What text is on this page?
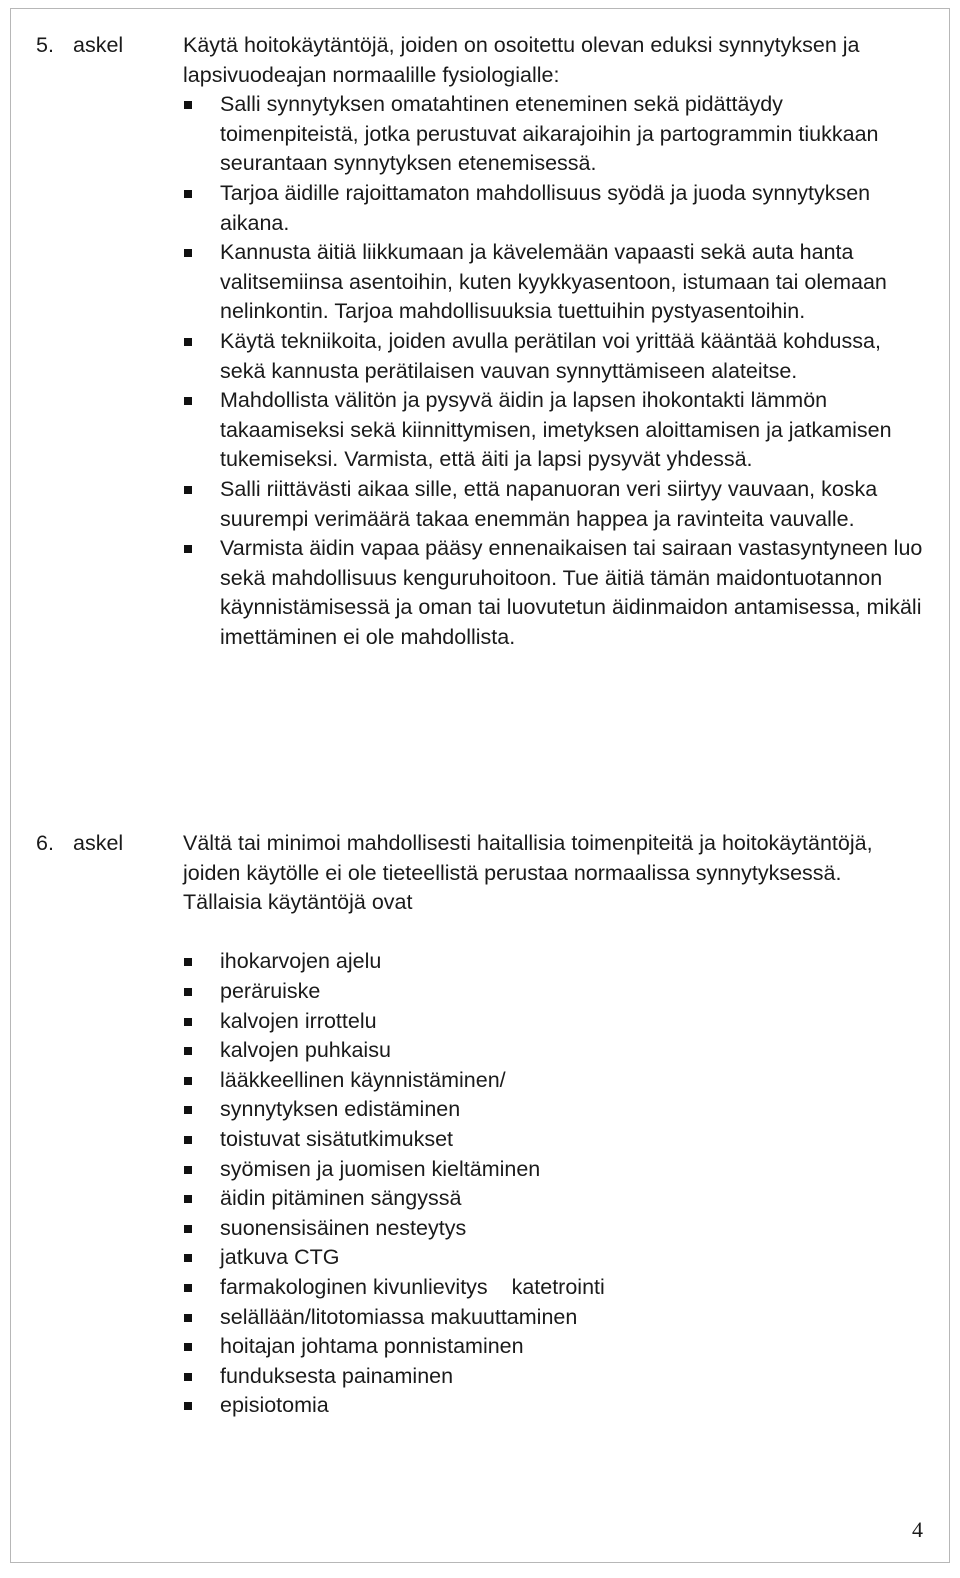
5. askel	Käytä hoitokäytäntöjä, joiden on osoitettu olevan eduksi synnytyksen ja lapsivuodeajan normaalille fysiologialle:

Salli synnytyksen omatahtinen eteneminen sekä pidättäydy toimenpiteistä, jotka perustuvat aikarajoihin ja partogrammin tiukkaan seurantaan synnytyksen etenemisessä.
Tarjoa äidille rajoittamaton mahdollisuus syödä ja juoda synnytyksen aikana.
Kannusta äitiä liikkumaan ja kävelemään vapaasti sekä auta hanta valitsemiinsa asentoihin, kuten kyykkyasentoon, istumaan tai olemaan nelinkontin. Tarjoa mahdollisuuksia tuettuihin pystyasentoihin.
Käytä tekniikoita, joiden avulla perätilan voi yrittää kääntää kohdussa, sekä kannusta perätilaisen vauvan synnyttämiseen alateitse.
Mahdollista välitön ja pysyvä äidin ja lapsen ihokontakti lämmön takaamiseksi sekä kiinnittymisen, imetyksen aloittamisen ja jatkamisen tukemiseksi. Varmista, että äiti ja lapsi pysyvät yhdessä.
Salli riittävästi aikaa sille, että napanuoran veri siirtyy vauvaan, koska suurempi verimäärä takaa enemmän happea ja ravinteita vauvalle.
Varmista äidin vapaa pääsy ennenaikaisen tai sairaan vastasyntyneen luo sekä mahdollisuus kenguruhoitoon. Tue äitiä tämän maidontuotannon käynnistämisessä ja oman tai luovutetun äidinmaidon antamisessa, mikäli imettäminen ei ole mahdollista.
6. askel	Vältä tai minimoi mahdollisesti haitallisia toimenpiteitä ja hoitokäytäntöjä, joiden käytölle ei ole tieteellistä perustaa normaalissa synnytyksessä. Tällaisia käytäntöjä ovat

ihokarvojen ajelu
peräruiske
kalvojen irrottelu
kalvojen puhkaisu
lääkkeellinen käynnistäminen/
synnytyksen edistäminen
toistuvat sisätutkimukset
syömisen ja juomisen kieltäminen
äidin pitäminen sängyssä
suonensisäinen nesteytys
jatkuva CTG
farmakologinen kivunlievitys    katetrointi
selällään/litotomiassa makuuttaminen
hoitajan johtama ponnistaminen
funduksesta painaminen
episiotomia
4
